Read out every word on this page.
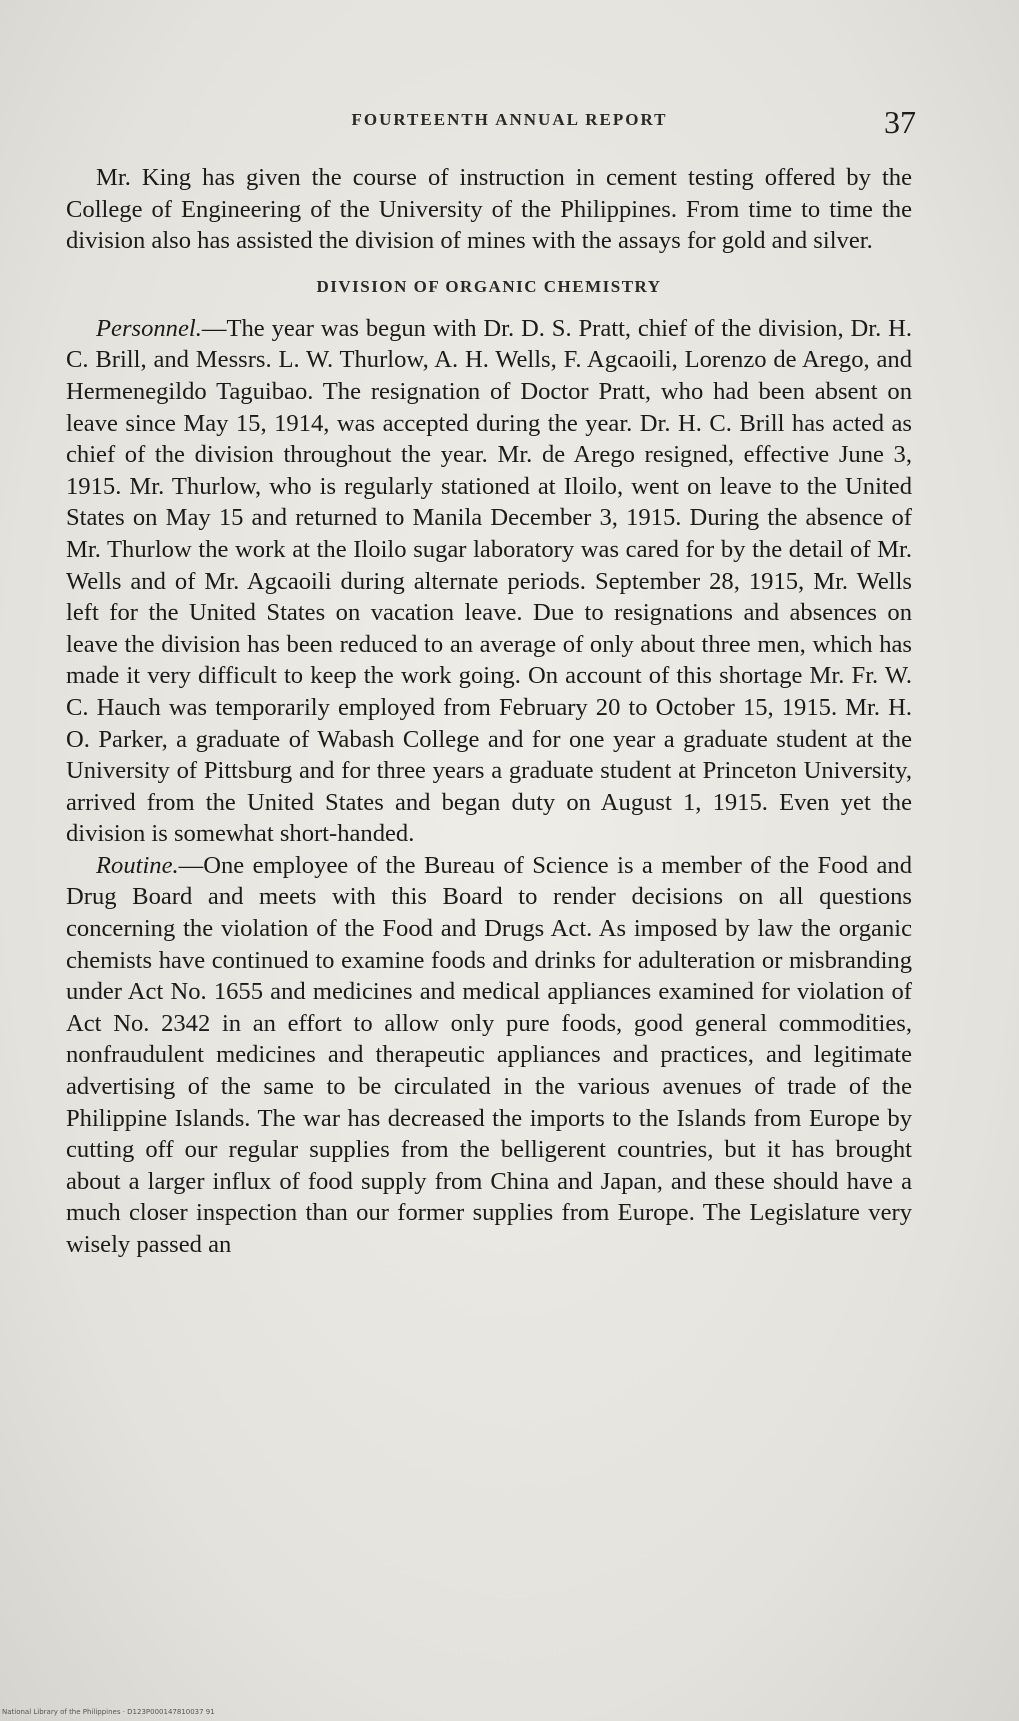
FOURTEENTH ANNUAL REPORT	37

Mr. King has given the course of instruction in cement testing offered by the College of Engineering of the University of the Philippines. From time to time the division also has assisted the division of mines with the assays for gold and silver.

DIVISION OF ORGANIC CHEMISTRY

Personnel.—The year was begun with Dr. D. S. Pratt, chief of the division, Dr. H. C. Brill, and Messrs. L. W. Thurlow, A. H. Wells, F. Agcaoili, Lorenzo de Arego, and Hermenegildo Taguibao. The resignation of Doctor Pratt, who had been absent on leave since May 15, 1914, was accepted during the year. Dr. H. C. Brill has acted as chief of the division throughout the year. Mr. de Arego resigned, effective June 3, 1915. Mr. Thurlow, who is regularly stationed at Iloilo, went on leave to the United States on May 15 and returned to Manila December 3, 1915. During the absence of Mr. Thurlow the work at the Iloilo sugar laboratory was cared for by the detail of Mr. Wells and of Mr. Agcaoili during alternate periods. September 28, 1915, Mr. Wells left for the United States on vacation leave. Due to resignations and absences on leave the division has been reduced to an average of only about three men, which has made it very difficult to keep the work going. On account of this shortage Mr. Fr. W. C. Hauch was temporarily employed from February 20 to October 15, 1915. Mr. H. O. Parker, a graduate of Wabash College and for one year a graduate student at the University of Pittsburg and for three years a graduate student at Princeton University, arrived from the United States and began duty on August 1, 1915. Even yet the division is somewhat short-handed.

Routine.—One employee of the Bureau of Science is a member of the Food and Drug Board and meets with this Board to render decisions on all questions concerning the violation of the Food and Drugs Act. As imposed by law the organic chemists have continued to examine foods and drinks for adulteration or misbranding under Act No. 1655 and medicines and medical appliances examined for violation of Act No. 2342 in an effort to allow only pure foods, good general commodities, nonfraudulent medicines and therapeutic appliances and practices, and legitimate advertising of the same to be circulated in the various avenues of trade of the Philippine Islands. The war has decreased the imports to the Islands from Europe by cutting off our regular supplies from the belligerent countries, but it has brought about a larger influx of food supply from China and Japan, and these should have a much closer inspection than our former supplies from Europe. The Legislature very wisely passed an

National Library of the Philippines · D123P000147810037 91
